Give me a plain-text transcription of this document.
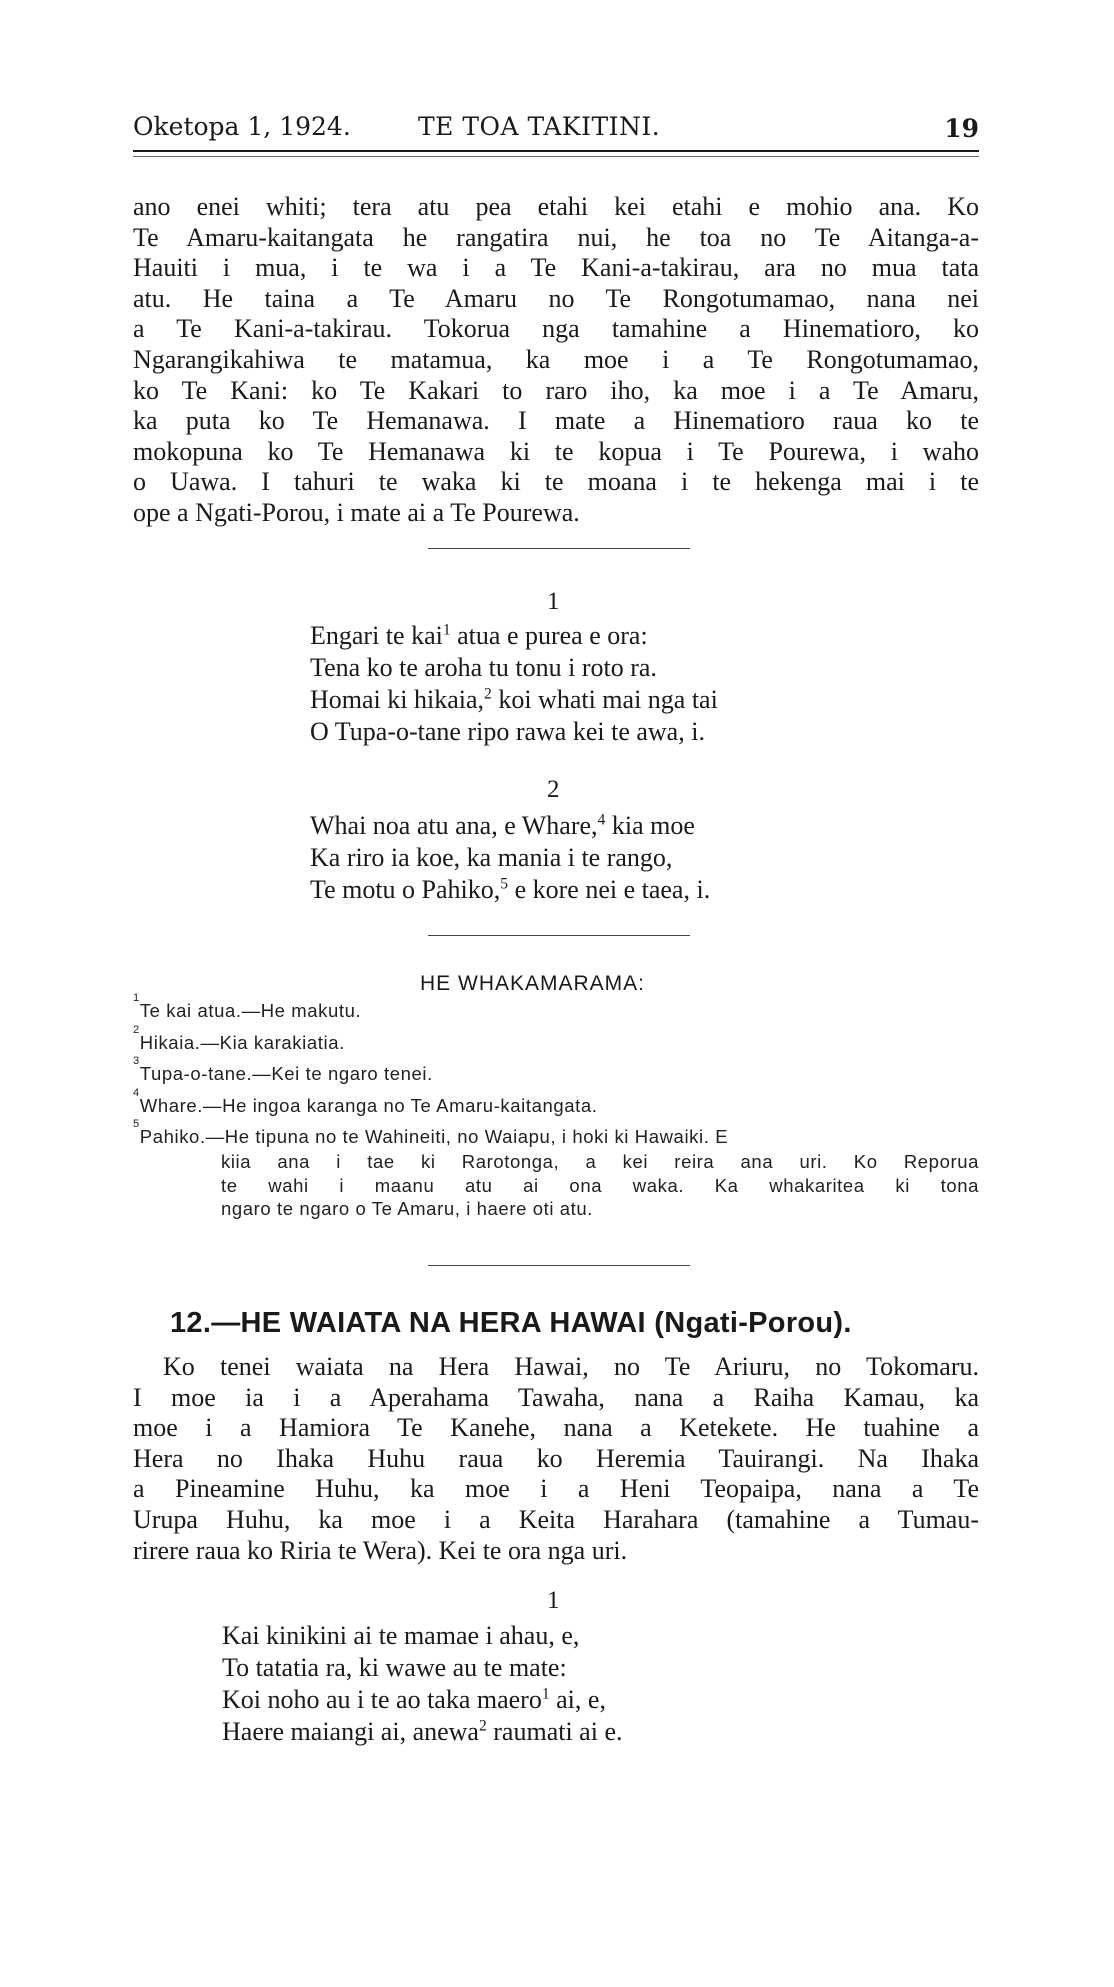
Oketopa 1, 1924.	TE TOA TAKITINI.	19
ano enei whiti; tera atu pea etahi kei etahi e mohio ana. Ko
Te Amaru-kaitangata he rangatira nui, he toa no Te Aitanga-a-
Hauiti i mua, i te wa i a Te Kani-a-takirau, ara no mua tata
atu. He taina a Te Amaru no Te Rongotumamao, nana nei
a Te Kani-a-takirau. Tokorua nga tamahine a Hinematioro, ko
Ngarangikahiwa te matamua, ka moe i a Te Rongotumamao,
ko Te Kani: ko Te Kakari to raro iho, ka moe i a Te Amaru,
ka puta ko Te Hemanawa. I mate a Hinematioro raua ko te
mokopuna ko Te Hemanawa ki te kopua i Te Pourewa, i waho
o Uawa. I tahuri te waka ki te moana i te hekenga mai i te
ope a Ngati-Porou, i mate ai a Te Pourewa.
1
Engari te kai$^1$ atua e purea e ora:
Tena ko te aroha tu tonu i roto ra.
Homai ki hikaia,$^2$ koi whati mai nga tai
O Tupa-o-tane ripo rawa kei te awa, i.
2
Whai noa atu ana, e Whare,$^4$ kia moe
Ka riro ia koe, ka mania i te rango,
Te motu o Pahiko,$^5$ e kore nei e taea, i.
HE WHAKAMARAMA:
$^1$Te kai atua.—He makutu.
$^2$Hikaia.—Kia karakiatia.
$^3$Tupa-o-tane.—Kei te ngaro tenei.
$^4$Whare.—He ingoa karanga no Te Amaru-kaitangata.
$^5$Pahiko.—He tipuna no te Wahineiti, no Waiapu, i hoki ki Hawaiki. E
kiia ana i tae ki Rarotonga, a kei reira ana uri. Ko Reporua
te wahi i maanu atu ai ona waka. Ka whakaritea ki tona
ngaro te ngaro o Te Amaru, i haere oti atu.
12.—HE WAIATA NA HERA HAWAI (Ngati-Porou).
Ko tenei waiata na Hera Hawai, no Te Ariuru, no Tokomaru.
I moe ia i a Aperahama Tawaha, nana a Raiha Kamau, ka
moe i a Hamiora Te Kanehe, nana a Ketekete. He tuahine a
Hera no Ihaka Huhu raua ko Heremia Tauirangi. Na Ihaka
a Pineamine Huhu, ka moe i a Heni Teopaipa, nana a Te
Urupa Huhu, ka moe i a Keita Harahara (tamahine a Tumau-
rirere raua ko Riria te Wera). Kei te ora nga uri.
1
Kai kinikini ai te mamae i ahau, e,
To tatatia ra, ki wawe au te mate:
Koi noho au i te ao taka maero$^1$ ai, e,
Haere maiangi ai, anewa$^2$ raumati ai e.
